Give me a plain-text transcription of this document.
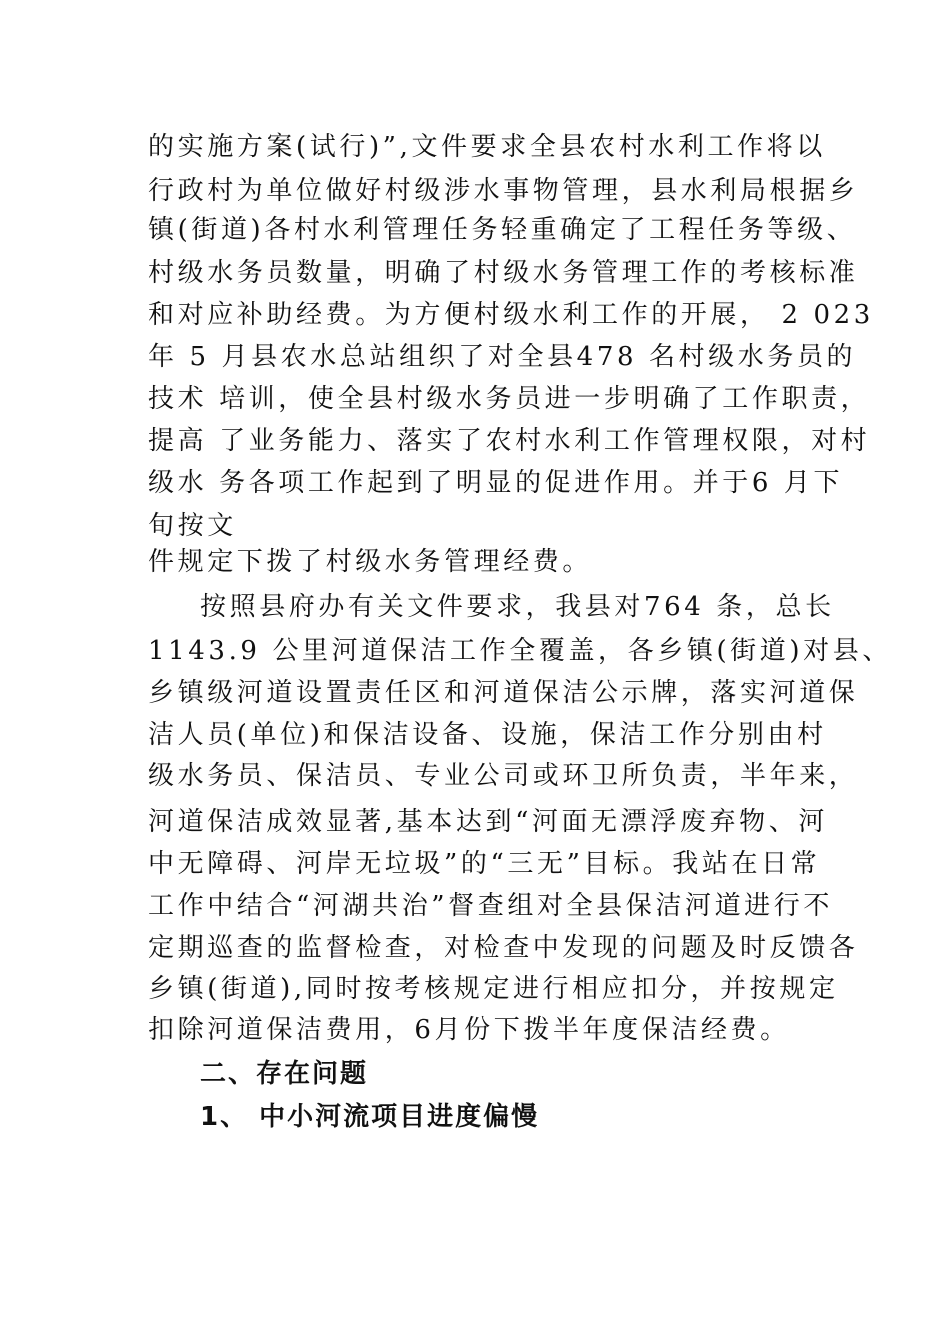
的实施方案(试行)”,文件要求全县农村水利工作将以
行政村为单位做好村级涉水事物管理，县水利局根据乡
镇(街道)各村水利管理任务轻重确定了工程任务等级、
村级水务员数量，明确了村级水务管理工作的考核标准
和对应补助经费。为方便村级水利工作的开展， 2 023
年 5 月县农水总站组织了对全县478 名村级水务员的
技术 培训，使全县村级水务员进一步明确了工作职责，
提高 了业务能力、落实了农村水利工作管理权限，对村
级水 务各项工作起到了明显的促进作用。并于6 月下
旬按文
件规定下拨了村级水务管理经费。
按照县府办有关文件要求，我县对764 条，总长
1143.9 公里河道保洁工作全覆盖，各乡镇(街道)对县、
乡镇级河道设置责任区和河道保洁公示牌，落实河道保
洁人员(单位)和保洁设备、设施，保洁工作分别由村
级水务员、保洁员、专业公司或环卫所负责，半年来，
河道保洁成效显著,基本达到“河面无漂浮废弃物、河
中无障碍、河岸无垃圾”的“三无”目标。我站在日常
工作中结合“河湖共治”督查组对全县保洁河道进行不
定期巡查的监督检查，对检查中发现的问题及时反馈各
乡镇(街道),同时按考核规定进行相应扣分，并按规定
扣除河道保洁费用，6月份下拨半年度保洁经费。
二、存在问题
1、 中小河流项目进度偏慢
